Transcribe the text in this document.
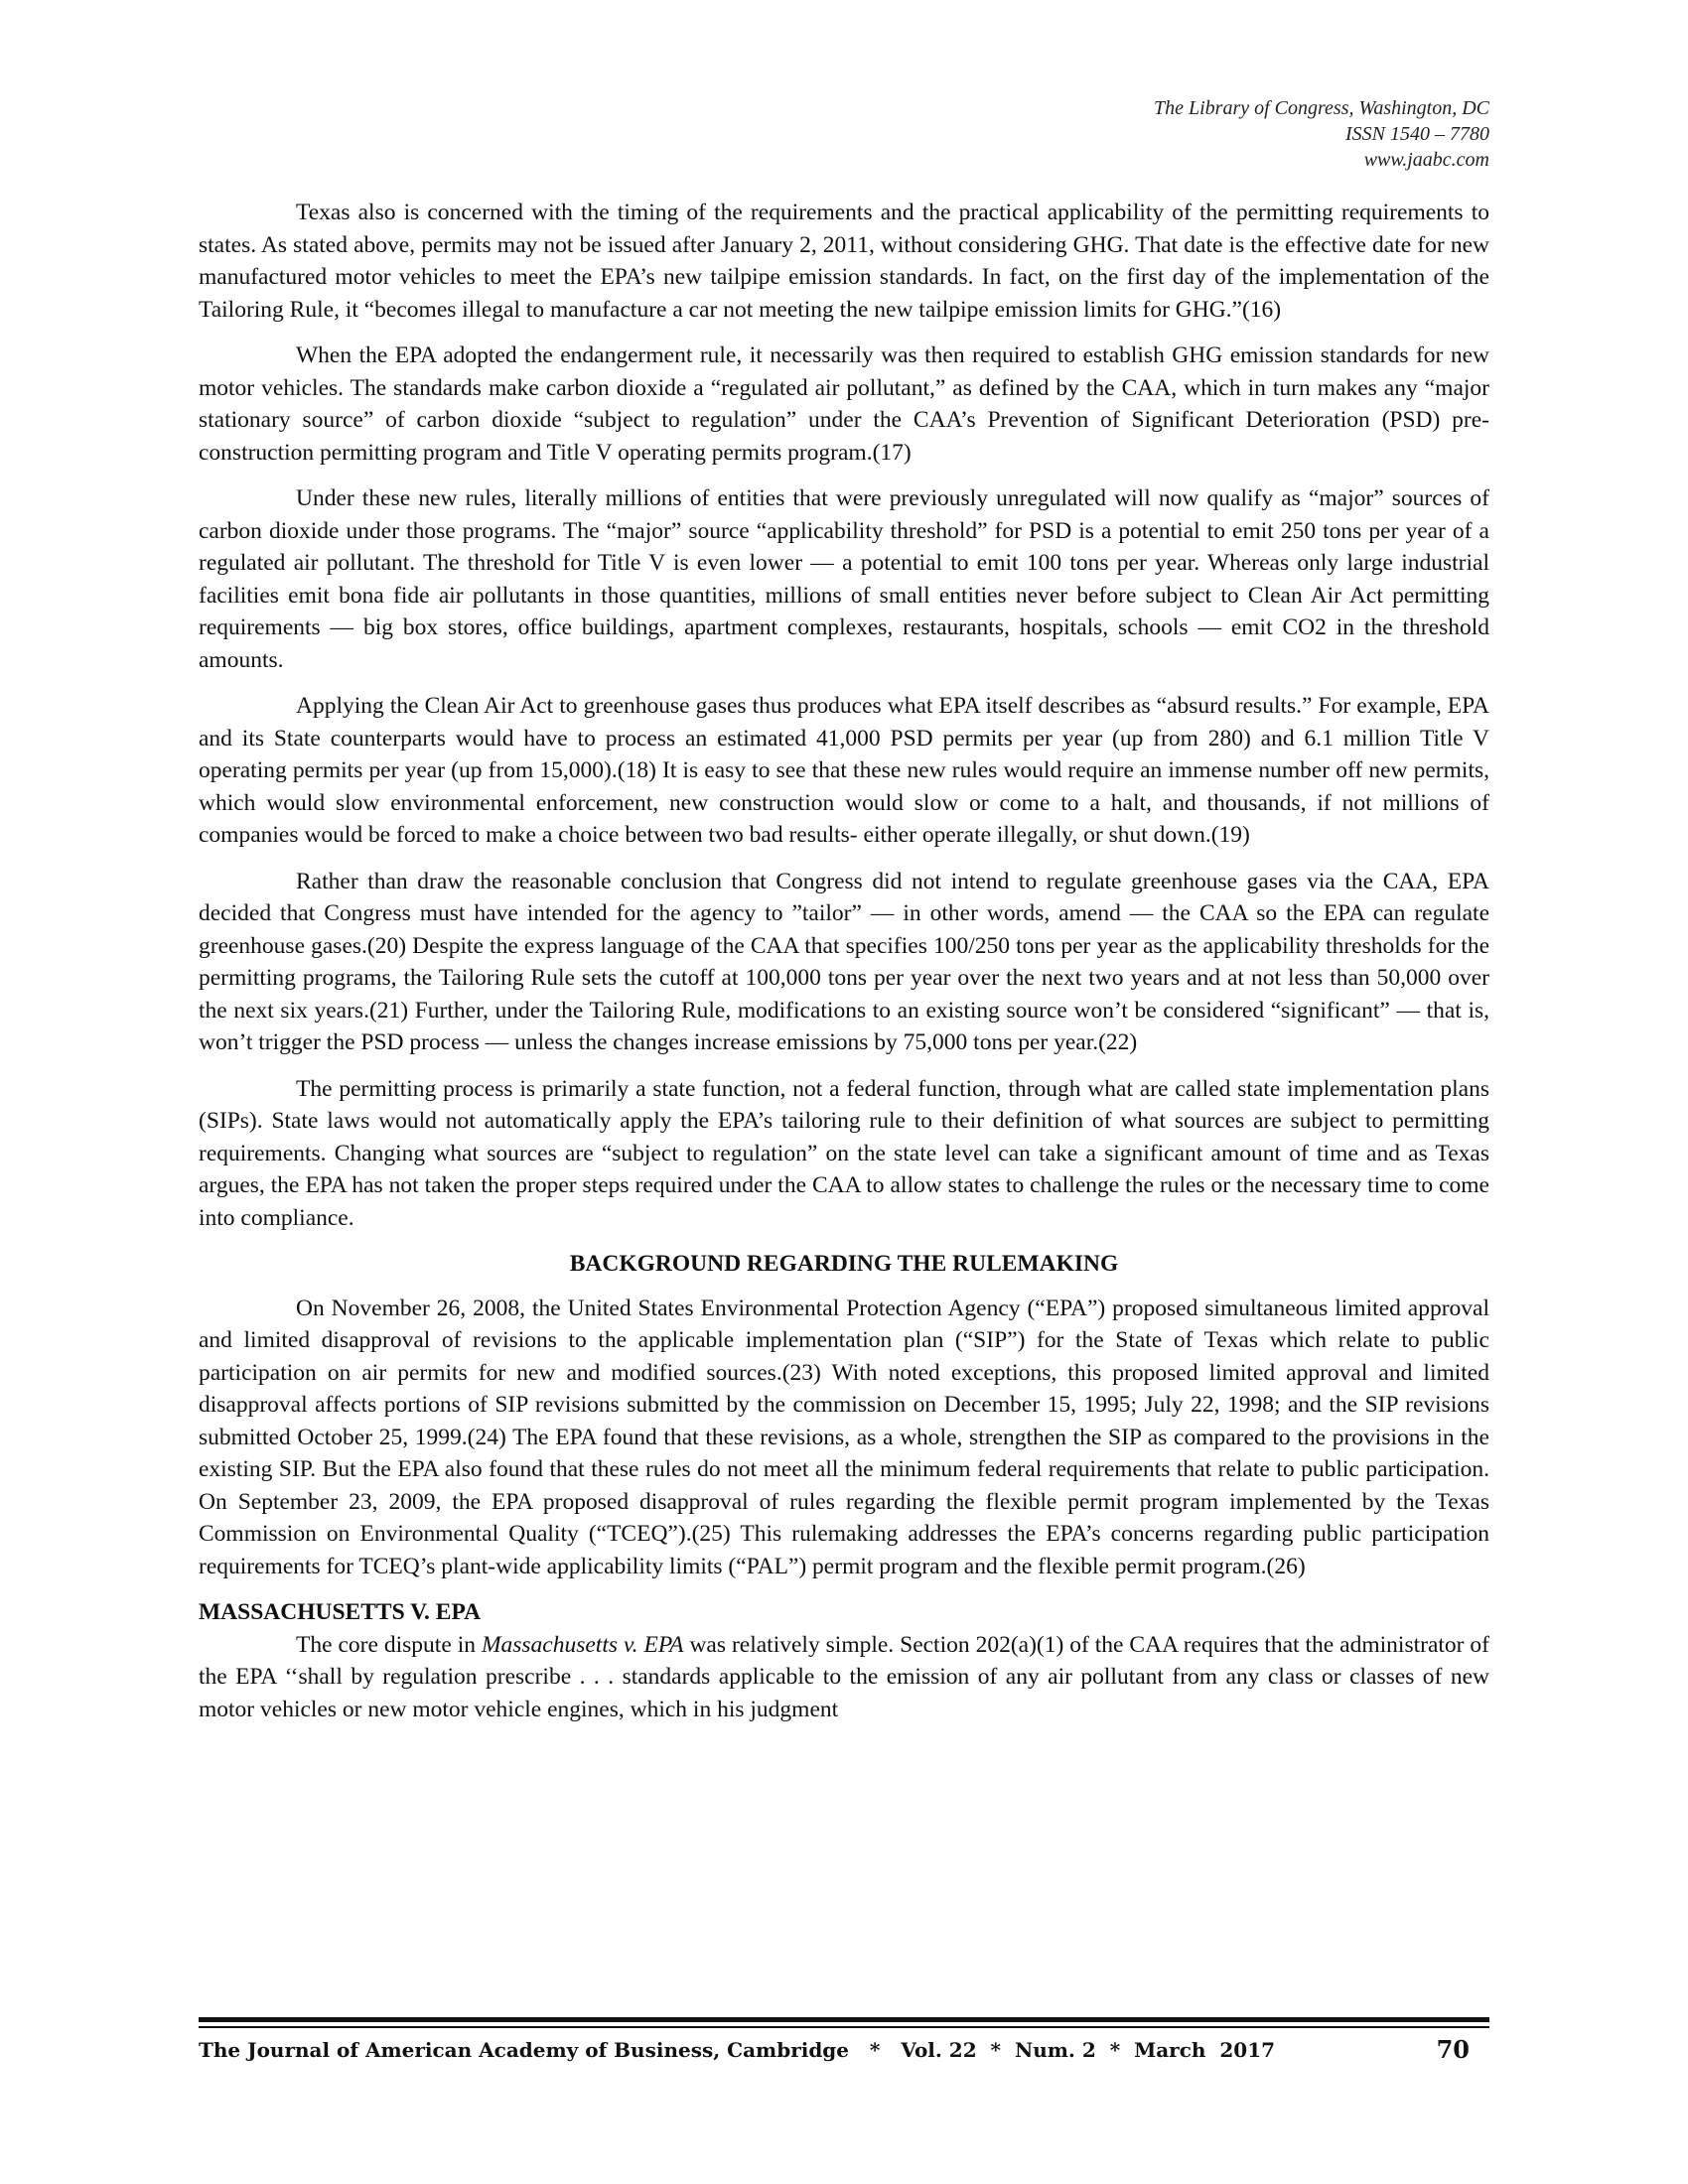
The Library of Congress, Washington, DC
ISSN 1540 – 7780
www.jaabc.com

Texas also is concerned with the timing of the requirements and the practical applicability of the permitting requirements to states. As stated above, permits may not be issued after January 2, 2011, without considering GHG. That date is the effective date for new manufactured motor vehicles to meet the EPA’s new tailpipe emission standards. In fact, on the first day of the implementation of the Tailoring Rule, it “becomes illegal to manufacture a car not meeting the new tailpipe emission limits for GHG.”(16)

When the EPA adopted the endangerment rule, it necessarily was then required to establish GHG emission standards for new motor vehicles. The standards make carbon dioxide a “regulated air pollutant,” as defined by the CAA, which in turn makes any “major stationary source” of carbon dioxide “subject to regulation” under the CAA’s Prevention of Significant Deterioration (PSD) pre-construction permitting program and Title V operating permits program.(17)

Under these new rules, literally millions of entities that were previously unregulated will now qualify as “major” sources of carbon dioxide under those programs. The “major” source “applicability threshold” for PSD is a potential to emit 250 tons per year of a regulated air pollutant. The threshold for Title V is even lower — a potential to emit 100 tons per year. Whereas only large industrial facilities emit bona fide air pollutants in those quantities, millions of small entities never before subject to Clean Air Act permitting requirements — big box stores, office buildings, apartment complexes, restaurants, hospitals, schools — emit CO2 in the threshold amounts.

Applying the Clean Air Act to greenhouse gases thus produces what EPA itself describes as “absurd results.” For example, EPA and its State counterparts would have to process an estimated 41,000 PSD permits per year (up from 280) and 6.1 million Title V operating permits per year (up from 15,000).(18) It is easy to see that these new rules would require an immense number off new permits, which would slow environmental enforcement, new construction would slow or come to a halt, and thousands, if not millions of companies would be forced to make a choice between two bad results- either operate illegally, or shut down.(19)

Rather than draw the reasonable conclusion that Congress did not intend to regulate greenhouse gases via the CAA, EPA decided that Congress must have intended for the agency to ”tailor” — in other words, amend — the CAA so the EPA can regulate greenhouse gases.(20) Despite the express language of the CAA that specifies 100/250 tons per year as the applicability thresholds for the permitting programs, the Tailoring Rule sets the cutoff at 100,000 tons per year over the next two years and at not less than 50,000 over the next six years.(21) Further, under the Tailoring Rule, modifications to an existing source won’t be considered “significant” — that is, won’t trigger the PSD process — unless the changes increase emissions by 75,000 tons per year.(22)

The permitting process is primarily a state function, not a federal function, through what are called state implementation plans (SIPs). State laws would not automatically apply the EPA’s tailoring rule to their definition of what sources are subject to permitting requirements. Changing what sources are “subject to regulation” on the state level can take a significant amount of time and as Texas argues, the EPA has not taken the proper steps required under the CAA to allow states to challenge the rules or the necessary time to come into compliance.

BACKGROUND REGARDING THE RULEMAKING

On November 26, 2008, the United States Environmental Protection Agency (“EPA”) proposed simultaneous limited approval and limited disapproval of revisions to the applicable implementation plan (“SIP”) for the State of Texas which relate to public participation on air permits for new and modified sources.(23) With noted exceptions, this proposed limited approval and limited disapproval affects portions of SIP revisions submitted by the commission on December 15, 1995; July 22, 1998; and the SIP revisions submitted October 25, 1999.(24) The EPA found that these revisions, as a whole, strengthen the SIP as compared to the provisions in the existing SIP. But the EPA also found that these rules do not meet all the minimum federal requirements that relate to public participation. On September 23, 2009, the EPA proposed disapproval of rules regarding the flexible permit program implemented by the Texas Commission on Environmental Quality (“TCEQ”).(25) This rulemaking addresses the EPA’s concerns regarding public participation requirements for TCEQ’s plant-wide applicability limits (“PAL”) permit program and the flexible permit program.(26)

MASSACHUSETTS V. EPA

The core dispute in Massachusetts v. EPA was relatively simple. Section 202(a)(1) of the CAA requires that the administrator of the EPA ‘‘shall by regulation prescribe . . . standards applicable to the emission of any air pollutant from any class or classes of new motor vehicles or new motor vehicle engines, which in his judgment

The Journal of American Academy of Business, Cambridge   *   Vol. 22  *  Num. 2  *  March  2017	70
